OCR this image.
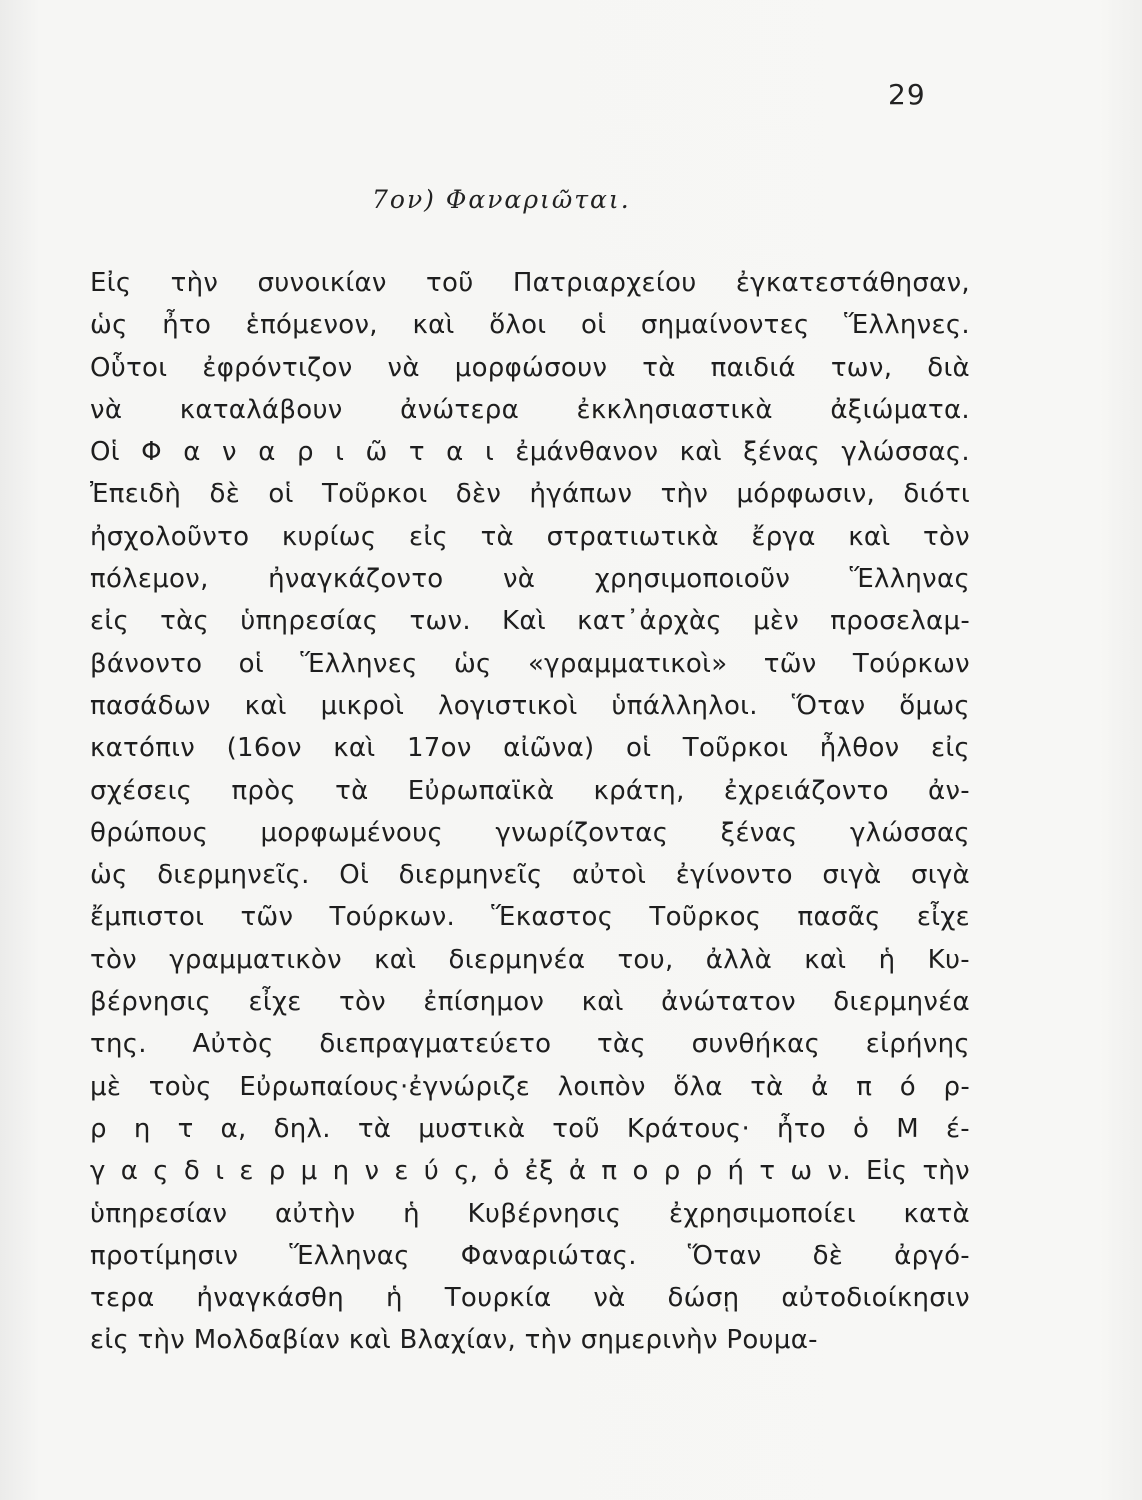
29
7ον) Φαναριῶται.
Εἰς τὴν συνοικίαν τοῦ Πατριαρχείου ἐγκατεστάθησαν,
ὡς ἦτο ἑπόμενον, καὶ ὅλοι οἱ σημαίνοντες Ἕλληνες.
Οὗτοι ἐφρόντιζον νὰ μορφώσουν τὰ παιδιά των, διὰ
νὰ καταλάβουν ἀνώτερα ἐκκλησιαστικὰ ἀξιώματα.
Οἱ Φ α ν α ρ ι ῶ τ α ι ἐμάνθανον καὶ ξένας γλώσσας.
Ἐπειδὴ δὲ οἱ Τοῦρκοι δὲν ἠγάπων τὴν μόρφωσιν, διότι
ἠσχολοῦντο κυρίως εἰς τὰ στρατιωτικὰ ἔργα καὶ τὸν
πόλεμον, ἠναγκάζοντο νὰ χρησιμοποιοῦν Ἕλληνας
εἰς τὰς ὑπηρεσίας των. Καὶ κατ᾿ἀρχὰς μὲν προσελαμ-
βάνοντο οἱ Ἕλληνες ὡς «γραμματικοὶ» τῶν Τούρκων
πασάδων καὶ μικροὶ λογιστικοὶ ὑπάλληλοι. Ὅταν ὅμως
κατόπιν (16ον καὶ 17ον αἰῶνα) οἱ Τοῦρκοι ἦλθον εἰς
σχέσεις πρὸς τὰ Εὐρωπαϊκὰ κράτη, ἐχρειάζοντο ἀν-
θρώπους μορφωμένους γνωρίζοντας ξένας γλώσσας
ὡς διερμηνεῖς. Οἱ διερμηνεῖς αὐτοὶ ἐγίνοντο σιγὰ σιγὰ
ἔμπιστοι τῶν Τούρκων. Ἕκαστος Τοῦρκος πασᾶς εἶχε
τὸν γραμματικὸν καὶ διερμηνέα του, ἀλλὰ καὶ ἡ Κυ-
βέρνησις εἶχε τὸν ἐπίσημον καὶ ἀνώτατον διερμηνέα
της. Αὐτὸς διεπραγματεύετο τὰς συνθήκας εἰρήνης
μὲ τοὺς Εὐρωπαίους·ἐγνώριζε λοιπὸν ὅλα τὰ ἀ π ό ρ-
ρ η τ α, δηλ. τὰ μυστικὰ τοῦ Κράτους· ἦτο ὁ Μ έ-
γ α ς δ ι ε ρ μ η ν ε ύ ς, ὁ ἐξ ἀ π ο ρ ρ ή τ ω ν. Εἰς τὴν
ὑπηρεσίαν αὐτὴν ἡ Κυβέρνησις ἐχρησιμοποίει κατὰ
προτίμησιν Ἕλληνας Φαναριώτας. Ὅταν δὲ ἀργό-
τερα ἠναγκάσθη ἡ Τουρκία νὰ δώσῃ αὐτοδιοίκησιν
εἰς τὴν Μολδαβίαν καὶ Βλαχίαν, τὴν σημερινὴν Ρουμα-
